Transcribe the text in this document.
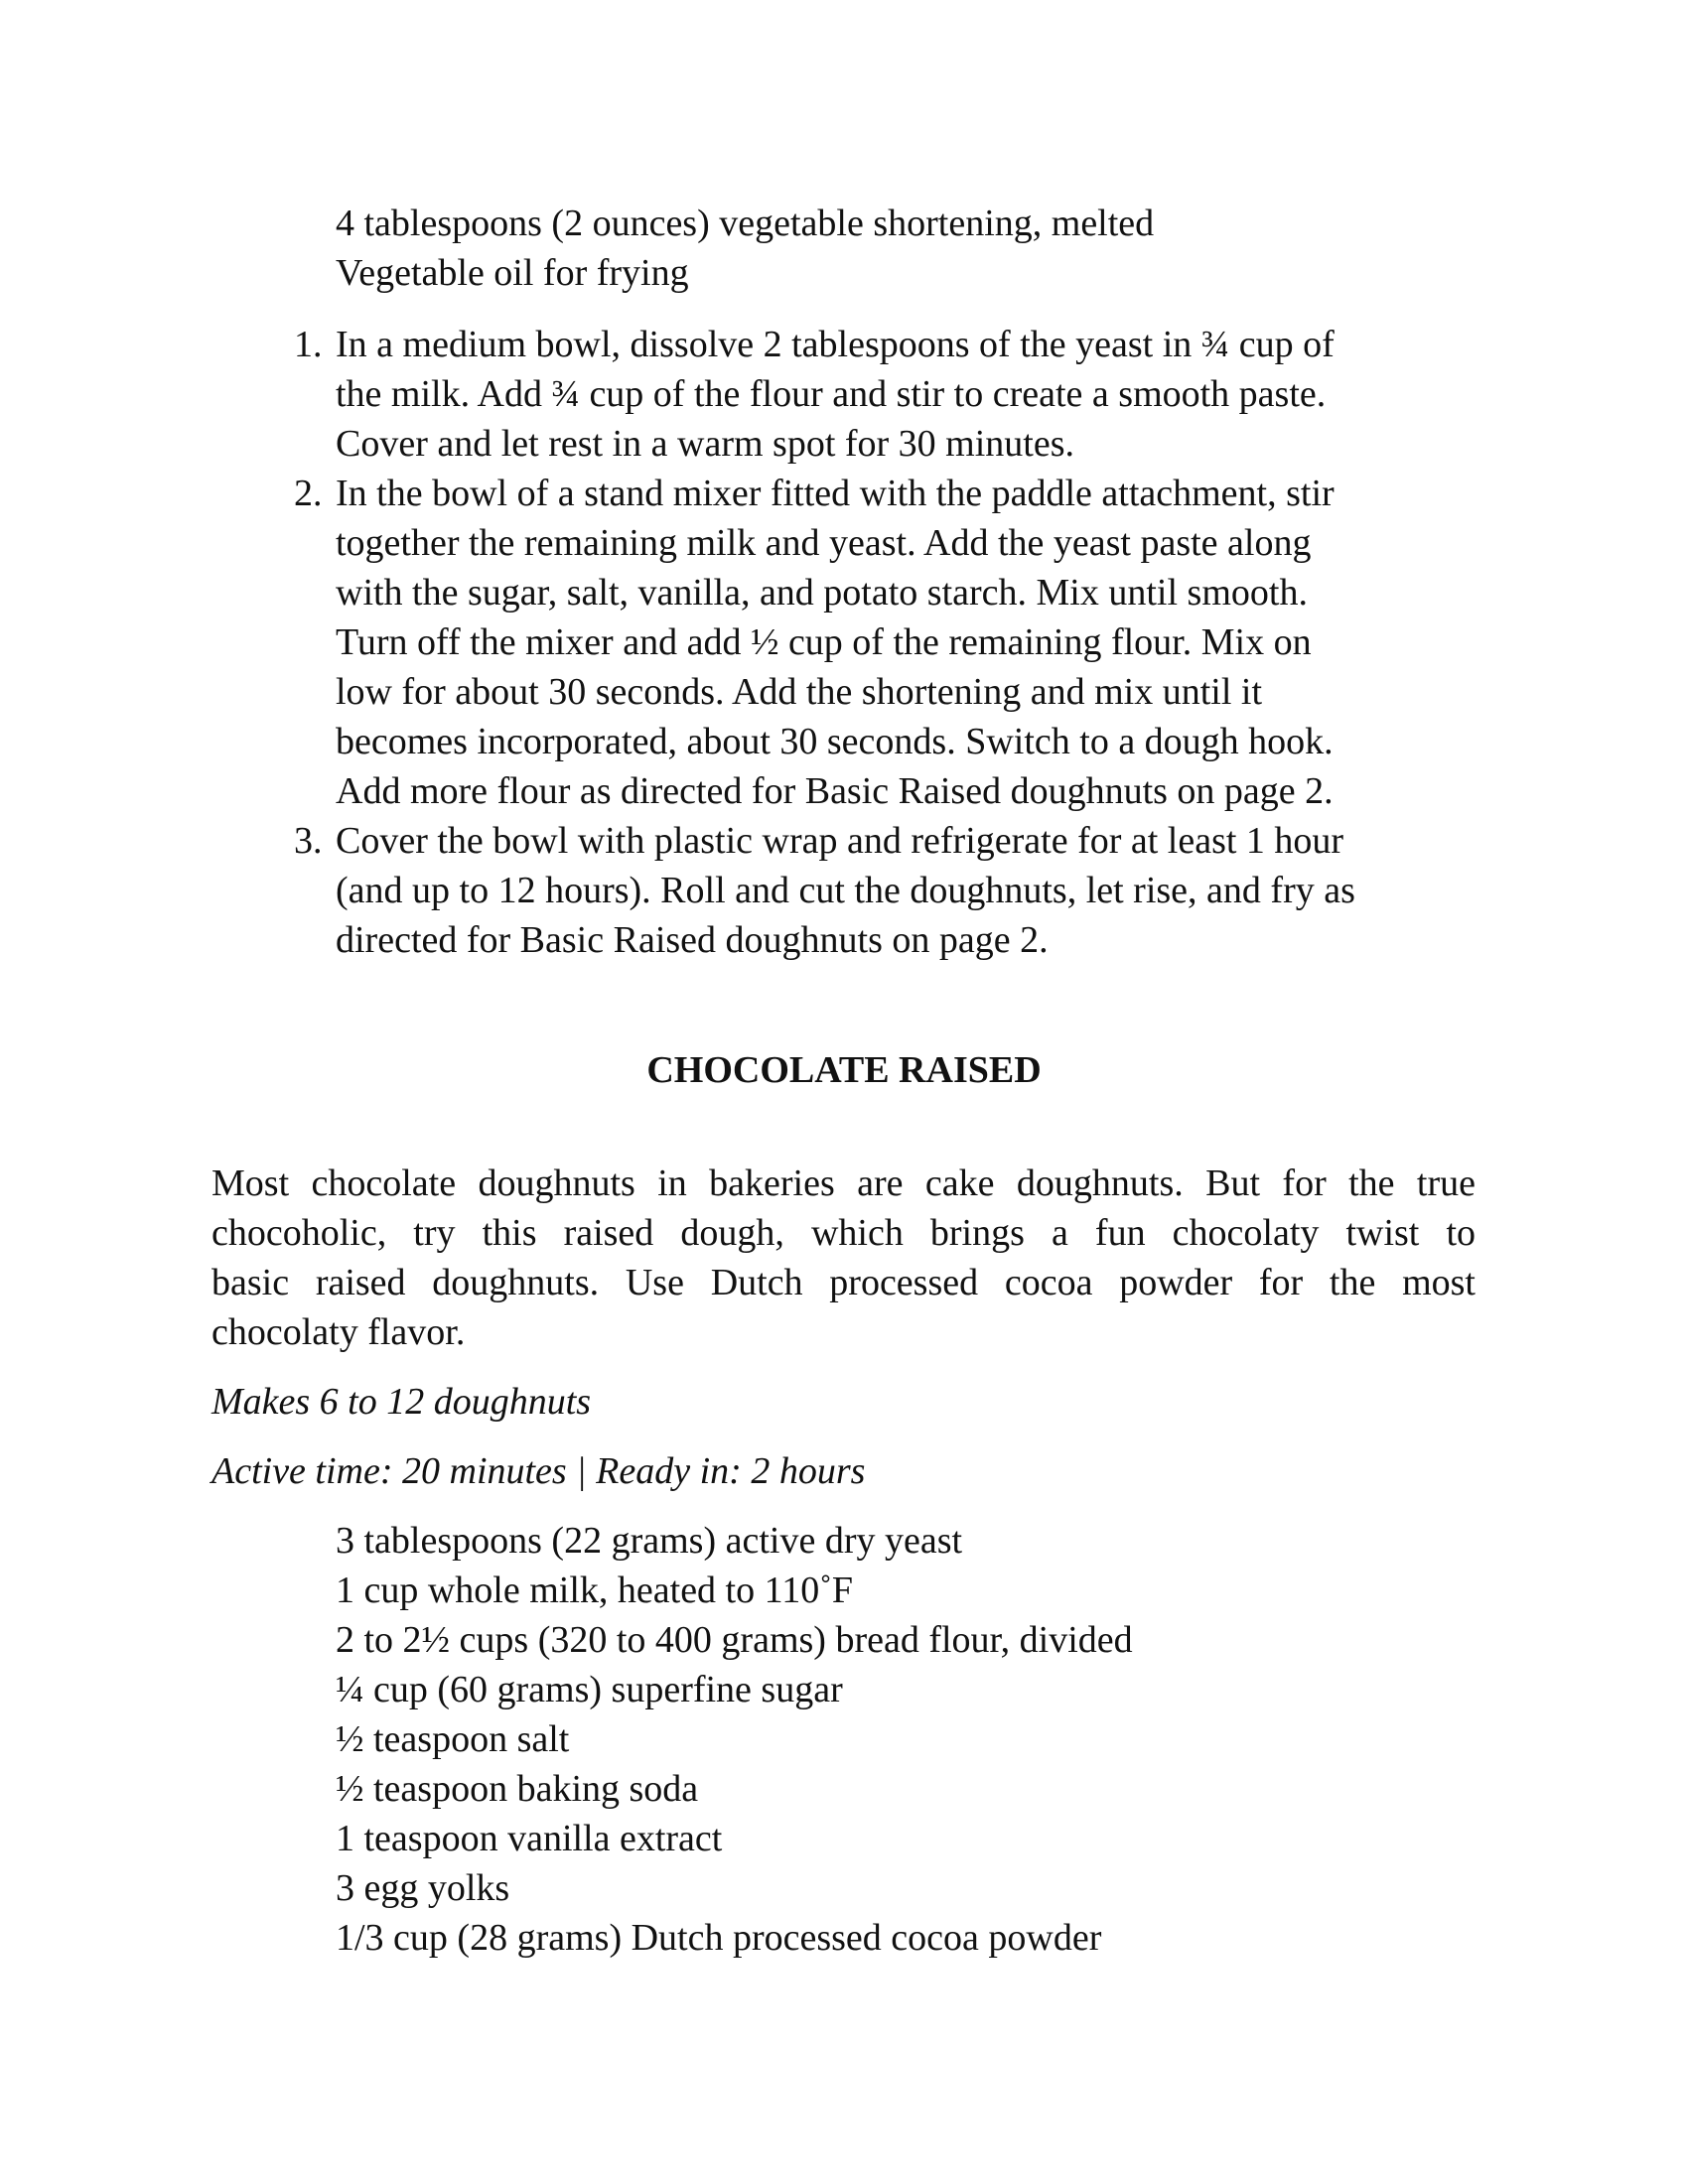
4 tablespoons (2 ounces) vegetable shortening, melted
Vegetable oil for frying
1. In a medium bowl, dissolve 2 tablespoons of the yeast in ¾ cup of
the milk. Add ¾ cup of the flour and stir to create a smooth paste.
Cover and let rest in a warm spot for 30 minutes.
2. In the bowl of a stand mixer fitted with the paddle attachment, stir
together the remaining milk and yeast. Add the yeast paste along
with the sugar, salt, vanilla, and potato starch. Mix until smooth.
Turn off the mixer and add ½ cup of the remaining flour. Mix on
low for about 30 seconds. Add the shortening and mix until it
becomes incorporated, about 30 seconds. Switch to a dough hook.
Add more flour as directed for Basic Raised doughnuts on page 2.
3. Cover the bowl with plastic wrap and refrigerate for at least 1 hour
(and up to 12 hours). Roll and cut the doughnuts, let rise, and fry as
directed for Basic Raised doughnuts on page 2.
CHOCOLATE RAISED
Most chocolate doughnuts in bakeries are cake doughnuts. But for the true
chocoholic, try this raised dough, which brings a fun chocolaty twist to
basic raised doughnuts. Use Dutch processed cocoa powder for the most
chocolaty flavor.
Makes 6 to 12 doughnuts
Active time: 20 minutes | Ready in: 2 hours
3 tablespoons (22 grams) active dry yeast
1 cup whole milk, heated to 110˚F
2 to 2½ cups (320 to 400 grams) bread flour, divided
¼ cup (60 grams) superfine sugar
½ teaspoon salt
½ teaspoon baking soda
1 teaspoon vanilla extract
3 egg yolks
1/3 cup (28 grams) Dutch processed cocoa powder
